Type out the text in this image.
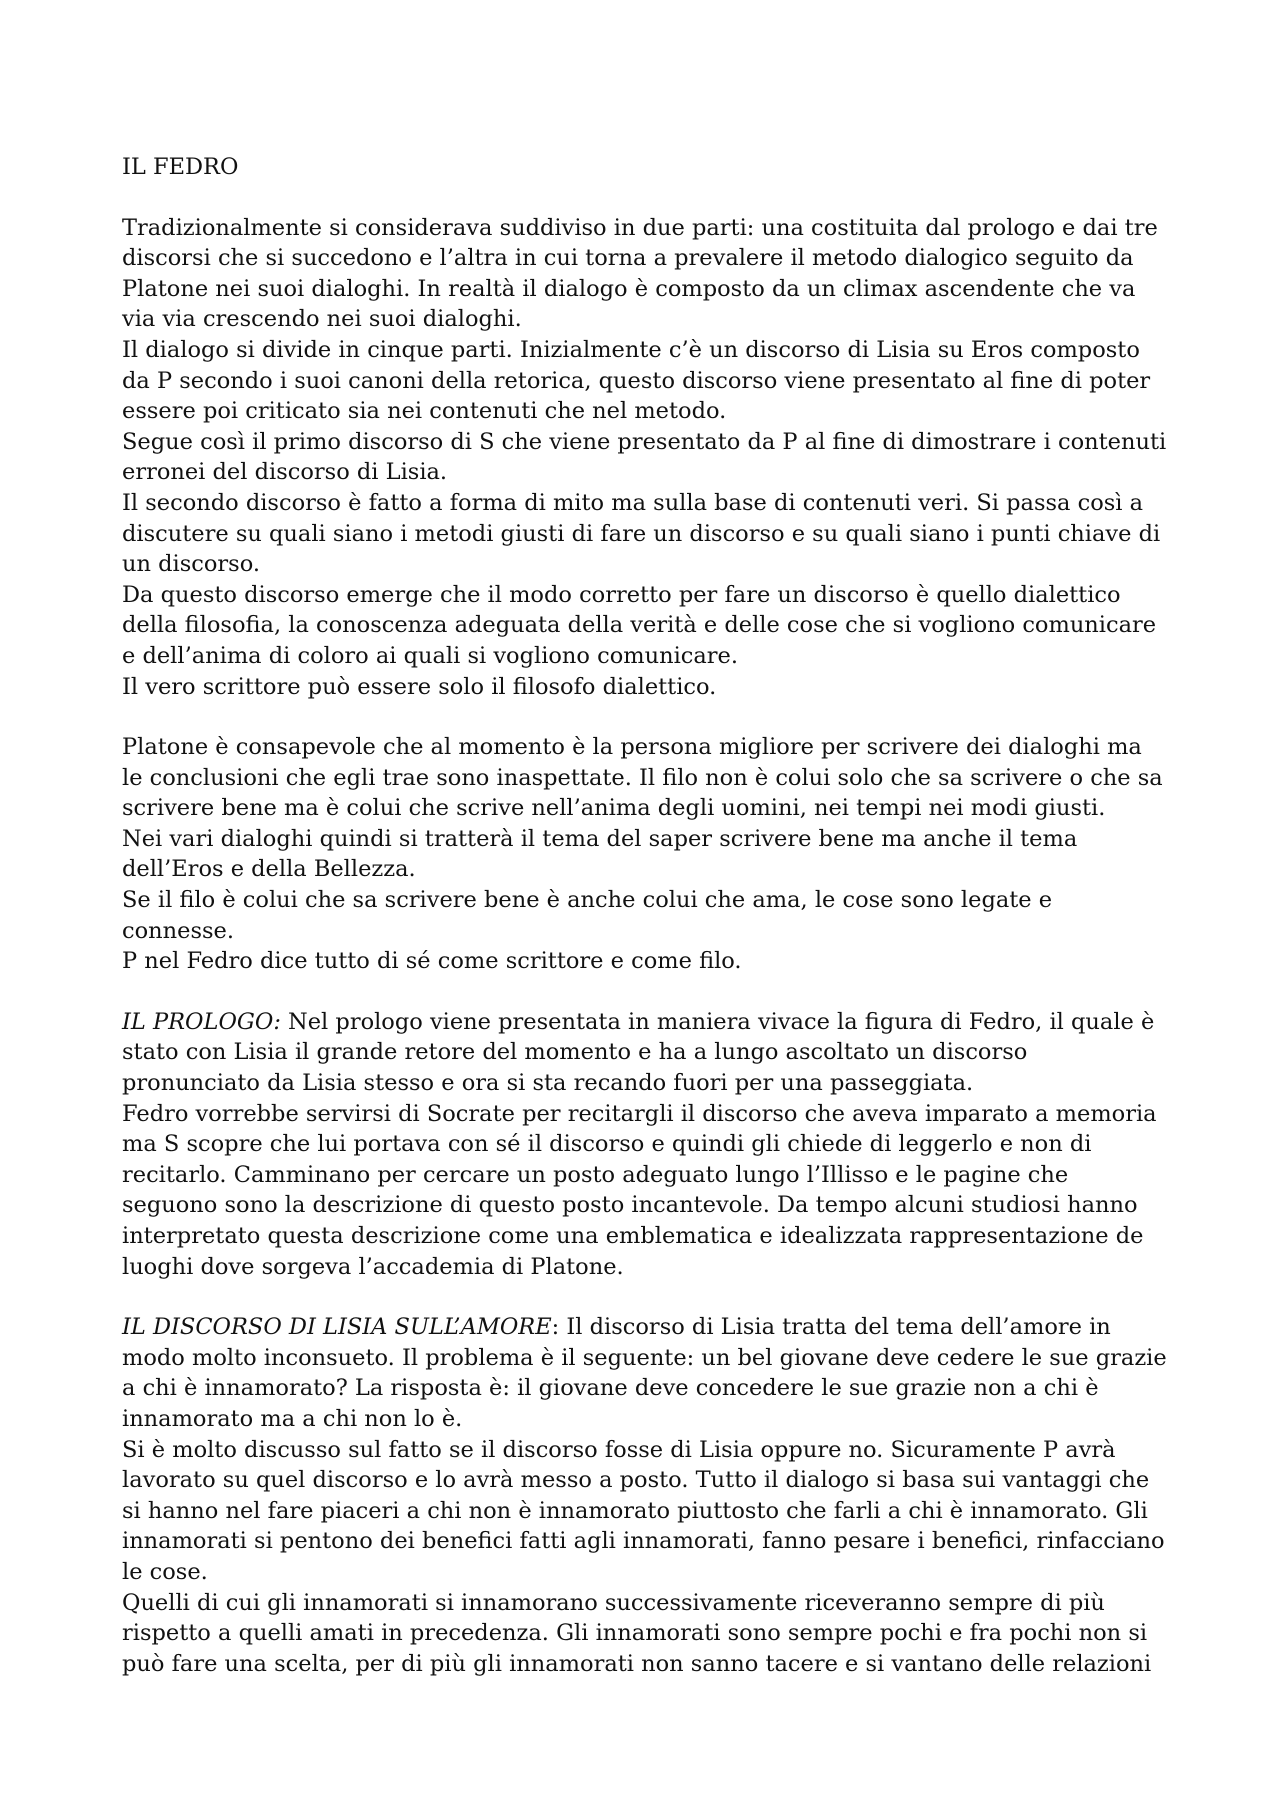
IL FEDRO

Tradizionalmente si considerava suddiviso in due parti: una costituita dal prologo e dai tre discorsi che si succedono e l’altra in cui torna a prevalere il metodo dialogico seguito da Platone nei suoi dialoghi. In realtà il dialogo è composto da un climax ascendente che va via via crescendo nei suoi dialoghi.

Il dialogo si divide in cinque parti. Inizialmente c’è un discorso di Lisia su Eros composto da P secondo i suoi canoni della retorica, questo discorso viene presentato al fine di poter essere poi criticato sia nei contenuti che nel metodo.

Segue così il primo discorso di S che viene presentato da P al fine di dimostrare i contenuti erronei del discorso di Lisia.

Il secondo discorso è fatto a forma di mito ma sulla base di contenuti veri. Si passa così a discutere su quali siano i metodi giusti di fare un discorso e su quali siano i punti chiave di un discorso.

Da questo discorso emerge che il modo corretto per fare un discorso è quello dialettico della filosofia, la conoscenza adeguata della verità e delle cose che si vogliono comunicare e dell’anima di coloro ai quali si vogliono comunicare.

Il vero scrittore può essere solo il filosofo dialettico.

Platone è consapevole che al momento è la persona migliore per scrivere dei dialoghi ma le conclusioni che egli trae sono inaspettate. Il filo non è colui solo che sa scrivere o che sa scrivere bene ma è colui che scrive nell’anima degli uomini, nei tempi nei modi giusti.

Nei vari dialoghi quindi si tratterà il tema del saper scrivere bene ma anche il tema dell’Eros e della Bellezza.

Se il filo è colui che sa scrivere bene è anche colui che ama, le cose sono legate e connesse.

P nel Fedro dice tutto di sé come scrittore e come filo.

IL PROLOGO: Nel prologo viene presentata in maniera vivace la figura di Fedro, il quale è stato con Lisia il grande retore del momento e ha a lungo ascoltato un discorso pronunciato da Lisia stesso e ora si sta recando fuori per una passeggiata.

Fedro vorrebbe servirsi di Socrate per recitargli il discorso che aveva imparato a memoria ma S scopre che lui portava con sé il discorso e quindi gli chiede di leggerlo e non di recitarlo. Camminano per cercare un posto adeguato lungo l’Illisso e le pagine che seguono sono la descrizione di questo posto incantevole. Da tempo alcuni studiosi hanno interpretato questa descrizione come una emblematica e idealizzata rappresentazione de luoghi dove sorgeva l’accademia di Platone.

IL DISCORSO DI LISIA SULL’AMORE: Il discorso di Lisia tratta del tema dell’amore in modo molto inconsueto. Il problema è il seguente: un bel giovane deve cedere le sue grazie a chi è innamorato? La risposta è: il giovane deve concedere le sue grazie non a chi è innamorato ma a chi non lo è.

Si è molto discusso sul fatto se il discorso fosse di Lisia oppure no. Sicuramente P avrà lavorato su quel discorso e lo avrà messo a posto. Tutto il dialogo si basa sui vantaggi che si hanno nel fare piaceri a chi non è innamorato piuttosto che farli a chi è innamorato. Gli innamorati si pentono dei benefici fatti agli innamorati, fanno pesare i benefici, rinfacciano le cose.

Quelli di cui gli innamorati si innamorano successivamente riceveranno sempre di più rispetto a quelli amati in precedenza. Gli innamorati sono sempre pochi e fra pochi non si può fare una scelta, per di più gli innamorati non sanno tacere e si vantano delle relazioni
